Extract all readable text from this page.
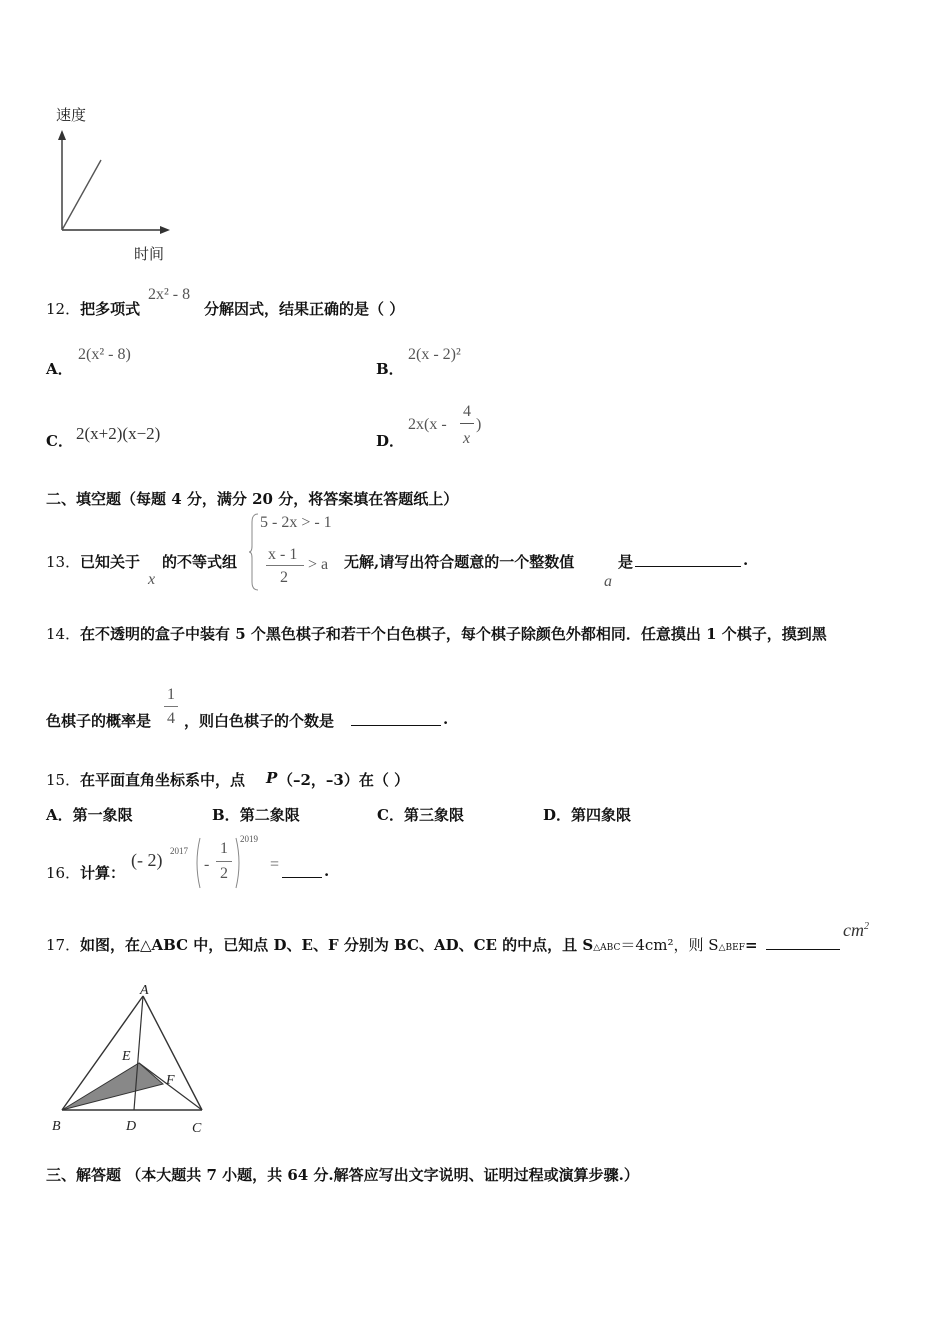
速度
时间
12．把多项式
2x² - 8
分解因式，结果正确的是（ ）
A．
2(x² - 8)
B．
2(x - 2)²
C． 2(x+2)(x−2)	D．
2x(x -
4
x
)
二、填空题（每题 4 分，满分 20 分，将答案填在答题纸上）
13． 已知关于
x
的不等式组
5 - 2x > - 1
x - 1
2
> a 无解,请写出符合题意的一个整数值
a
是	.
14． 在不透明的盒子中装有 5 个黑色棋子和若干个白色棋子，每个棋子除颜色外都相同．任意摸出 1 个棋子，摸到黑
色棋子的概率是
1
4 ，则白色棋子的个数是	.
15． 在平面直角坐标系中，点 P （–2，–3）在（ ）
A．第一象限	B．第二象限	C．第三象限	D．第四象限
16． 计算：
(- 2) 2017
-
1
2
2019
=	.
17． 如图，在△ABC 中，已知点 D、E、F 分别为 BC、AD、CE 的中点，且 S△ABC＝4cm²，则 S△BEF=
$cm^2$
A
B	C
D
E
F
三、解答题 （本大题共 7 小题，共 64 分.解答应写出文字说明、证明过程或演算步骤.）
